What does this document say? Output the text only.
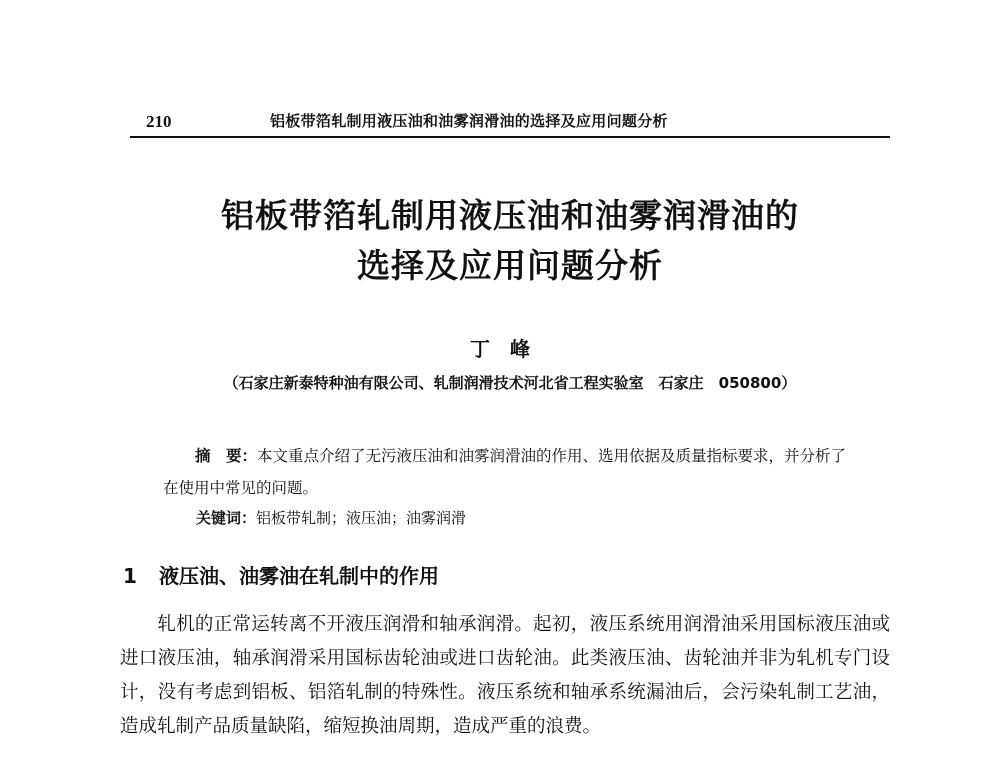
210	铝板带箔轧制用液压油和油雾润滑油的选择及应用问题分析
铝板带箔轧制用液压油和油雾润滑油的
选择及应用问题分析
丁峰
（石家庄新泰特种油有限公司、轧制润滑技术河北省工程实验室　石家庄　050800）
摘　要：本文重点介绍了无污液压油和油雾润滑油的作用、选用依据及质量指标要求，并分析了在使用中常见的问题。
关键词：铝板带轧制；液压油；油雾润滑
1 液压油、油雾油在轧制中的作用
轧机的正常运转离不开液压润滑和轴承润滑。起初，液压系统用润滑油采用国标液压油或进口液压油，轴承润滑采用国标齿轮油或进口齿轮油。此类液压油、齿轮油并非为轧机专门设计，没有考虑到铝板、铝箔轧制的特殊性。液压系统和轴承系统漏油后，会污染轧制工艺油，造成轧制产品质量缺陷，缩短换油周期，造成严重的浪费。
